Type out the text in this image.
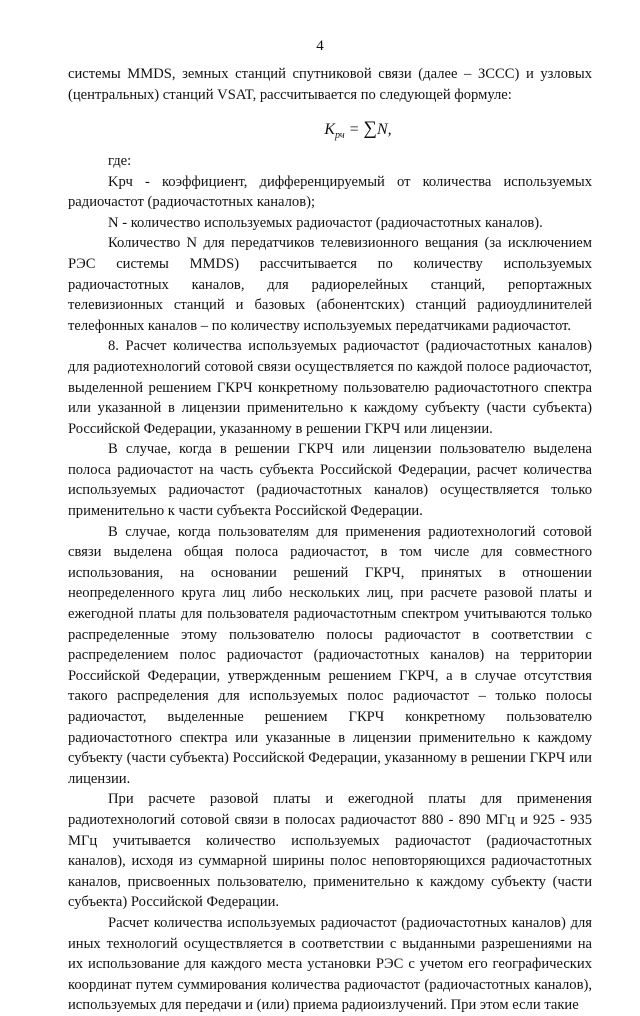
4

системы MMDS, земных станций спутниковой связи (далее – ЗССС) и узловых (центральных) станций VSAT, рассчитывается по следующей формуле:

$K_{рч} = \sum N$,

где:

Kрч - коэффициент, дифференцируемый от количества используемых радиочастот (радиочастотных каналов);

N - количество используемых радиочастот (радиочастотных каналов).

Количество N для передатчиков телевизионного вещания (за исключением РЭС системы MMDS) рассчитывается по количеству используемых радиочастотных каналов, для радиорелейных станций, репортажных телевизионных станций и базовых (абонентских) станций радиоудлинителей телефонных каналов – по количеству используемых передатчиками радиочастот.

8. Расчет количества используемых радиочастот (радиочастотных каналов) для радиотехнологий сотовой связи осуществляется по каждой полосе радиочастот, выделенной решением ГКРЧ конкретному пользователю радиочастотного спектра или указанной в лицензии применительно к каждому субъекту (части субъекта) Российской Федерации, указанному в решении ГКРЧ или лицензии.

В случае, когда в решении ГКРЧ или лицензии пользователю выделена полоса радиочастот на часть субъекта Российской Федерации, расчет количества используемых радиочастот (радиочастотных каналов) осуществляется только применительно к части субъекта Российской Федерации.

В случае, когда пользователям для применения радиотехнологий сотовой связи выделена общая полоса радиочастот, в том числе для совместного использования, на основании решений ГКРЧ, принятых в отношении неопределенного круга лиц либо нескольких лиц, при расчете разовой платы и ежегодной платы для пользователя радиочастотным спектром учитываются только распределенные этому пользователю полосы радиочастот в соответствии с распределением полос радиочастот (радиочастотных каналов) на территории Российской Федерации, утвержденным решением ГКРЧ, а в случае отсутствия такого распределения для используемых полос радиочастот – только полосы радиочастот, выделенные решением ГКРЧ конкретному пользователю радиочастотного спектра или указанные в лицензии применительно к каждому субъекту (части субъекта) Российской Федерации, указанному в решении ГКРЧ или лицензии.

При расчете разовой платы и ежегодной платы для применения радиотехнологий сотовой связи в полосах радиочастот 880 - 890 МГц и 925 - 935 МГц учитывается количество используемых радиочастот (радиочастотных каналов), исходя из суммарной ширины полос неповторяющихся радиочастотных каналов, присвоенных пользователю, применительно к каждому субъекту (части субъекта) Российской Федерации.

Расчет количества используемых радиочастот (радиочастотных каналов) для иных технологий осуществляется в соответствии с выданными разрешениями на их использование для каждого места установки РЭС с учетом его географических координат путем суммирования количества радиочастот (радиочастотных каналов), используемых для передачи и (или) приема радиоизлучений. При этом если такие
